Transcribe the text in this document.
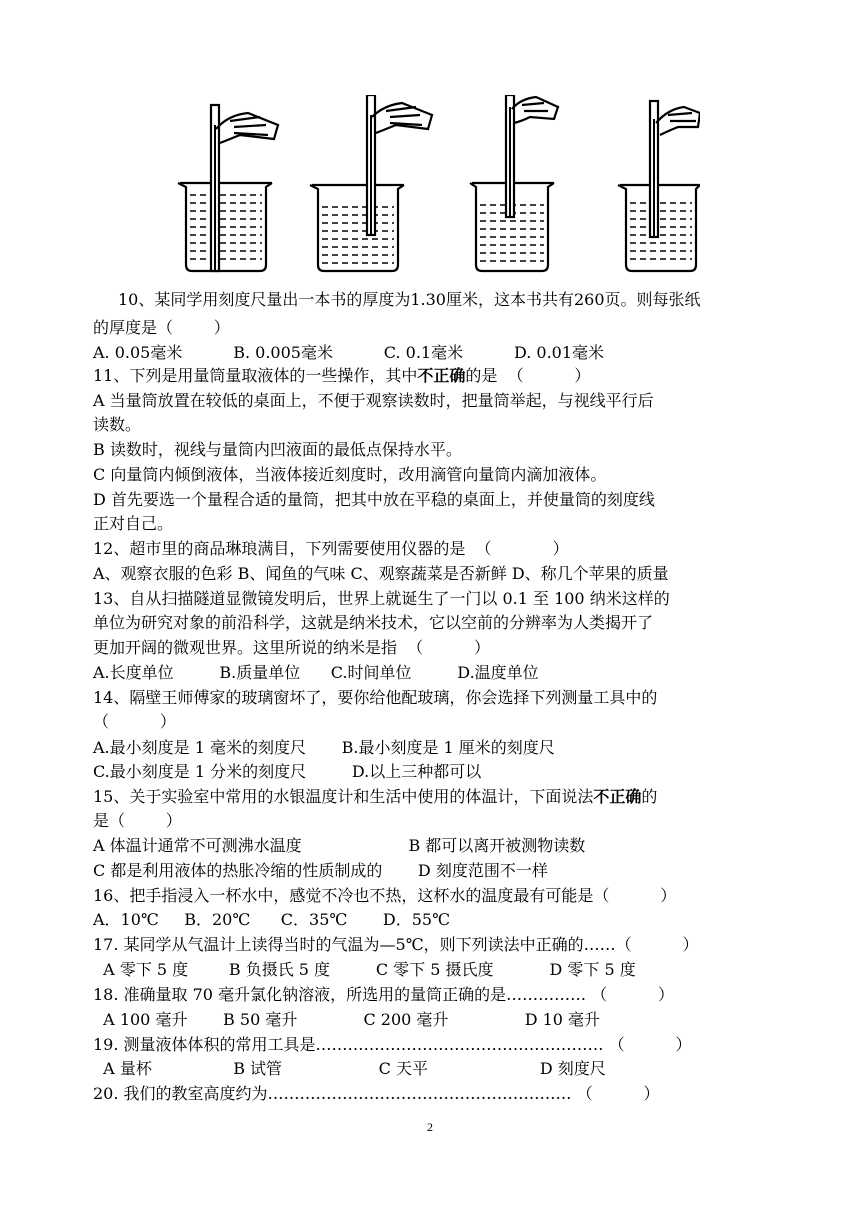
10、某同学用刻度尺量出一本书的厚度为1.30厘米，这本书共有260页。则每张纸
的厚度是（        ）
A. 0.05毫米          B. 0.005毫米          C. 0.1毫米          D. 0.01毫米
11、下列是用量筒量取液体的一些操作，其中不正确的是  （          ）
A 当量筒放置在较低的桌面上，不便于观察读数时，把量筒举起，与视线平行后
读数。
B 读数时，视线与量筒内凹液面的最低点保持水平。
C 向量筒内倾倒液体，当液体接近刻度时，改用滴管向量筒内滴加液体。
D 首先要选一个量程合适的量筒，把其中放在平稳的桌面上，并使量筒的刻度线
正对自己。
12、超市里的商品琳琅满目，下列需要使用仪器的是  （            ）
A、观察衣服的色彩 B、闻鱼的气味 C、观察蔬菜是否新鲜 D、称几个苹果的质量
13、自从扫描隧道显微镜发明后，世界上就诞生了一门以 0.1 至 100 纳米这样的
单位为研究对象的前沿科学，这就是纳米技术，它以空前的分辨率为人类揭开了
更加开阔的微观世界。这里所说的纳米是指  （          ）
A.长度单位         B.质量单位      C.时间单位         D.温度单位
14、隔壁王师傅家的玻璃窗坏了，要你给他配玻璃，你会选择下列测量工具中的
（          ）
A.最小刻度是 1 毫米的刻度尺       B.最小刻度是 1 厘米的刻度尺
C.最小刻度是 1 分米的刻度尺         D.以上三种都可以
15、关于实验室中常用的水银温度计和生活中使用的体温计，下面说法不正确的
是（        ）
A 体温计通常不可测沸水温度                     B 都可以离开被测物读数
C 都是利用液体的热胀冷缩的性质制成的       D 刻度范围不一样
16、把手指浸入一杯水中，感觉不冷也不热，这杯水的温度最有可能是（          ）
A．10℃     B．20℃      C．35℃       D．55℃
17. 某同学从气温计上读得当时的气温为—5℃，则下列读法中正确的……（          ）
A 零下 5 度        B 负摄氏 5 度         C 零下 5 摄氏度           D 零下 5 度
18. 准确量取 70 毫升氯化钠溶液，所选用的量筒正确的是…………… （          ）
A 100 毫升       B 50 毫升             C 200 毫升               D 10 毫升
19. 测量液体体积的常用工具是……………………………………………… （          ）
A 量杯                B 试管                   C 天平                      D 刻度尺
20. 我们的教室高度约为………………………………………………… （          ）
2
